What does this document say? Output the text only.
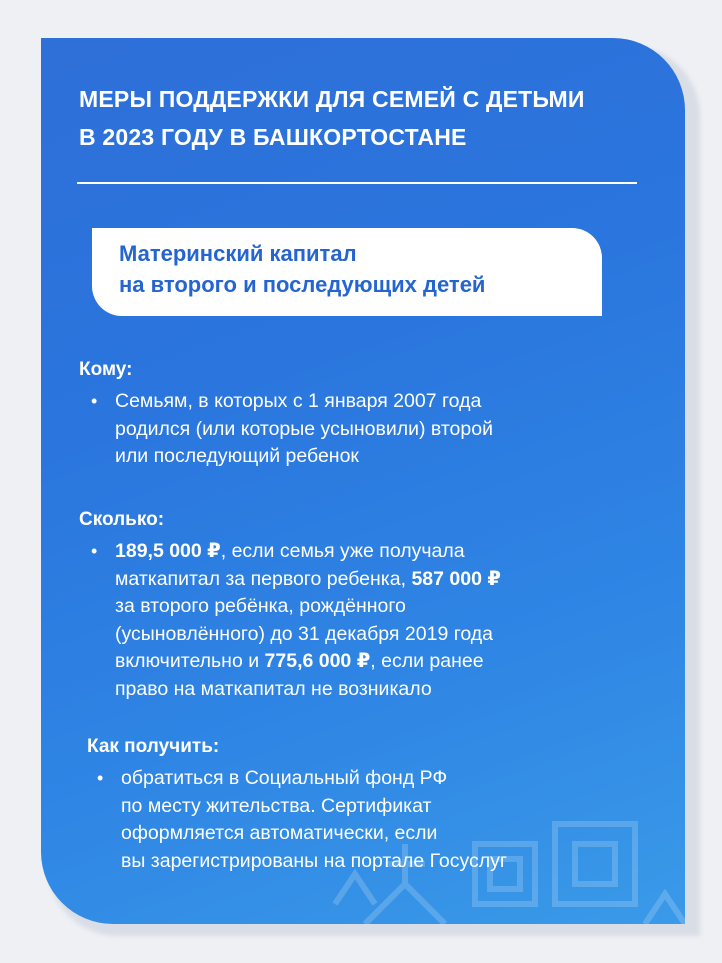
МЕРЫ ПОДДЕРЖКИ ДЛЯ СЕМЕЙ С ДЕТЬМИ
В 2023 ГОДУ В БАШКОРТОСТАНЕ
Материнский капитал
на второго и последующих детей
Кому:
• Семьям, в которых с 1 января 2007 года
родился (или которые усыновили) второй
или последующий ребенок
Сколько:
• 189,5 000 ₽, если семья уже получала
маткапитал за первого ребенка, 587 000 ₽
за второго ребёнка, рождённого
(усыновлённого) до 31 декабря 2019 года
включительно и 775,6 000 ₽, если ранее
право на маткапитал не возникало
Как получить:
• обратиться в Социальный фонд РФ
по месту жительства. Сертификат
оформляется автоматически, если
вы зарегистрированы на портале Госуслуг
